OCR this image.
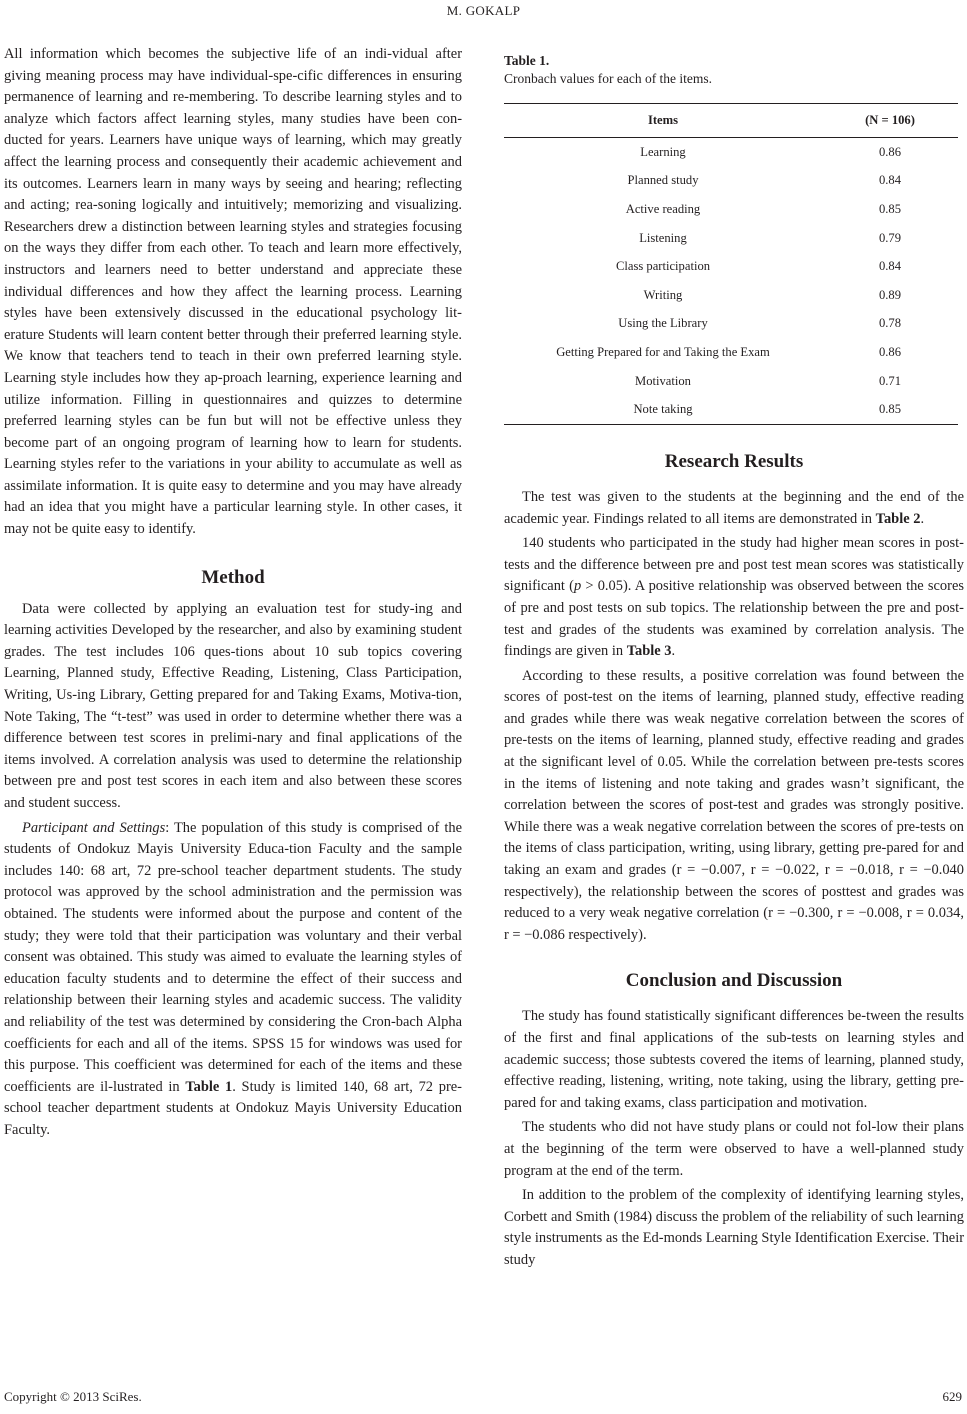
M. GOKALP

All information which becomes the subjective life of an indi-vidual after giving meaning process may have individual-spe-cific differences in ensuring permanence of learning and re-membering. To describe learning styles and to analyze which factors affect learning styles, many studies have been con-ducted for years. Learners have unique ways of learning, which may greatly affect the learning process and consequently their academic achievement and its outcomes. Learners learn in many ways by seeing and hearing; reflecting and acting; rea-soning logically and intuitively; memorizing and visualizing. Researchers drew a distinction between learning styles and strategies focusing on the ways they differ from each other. To teach and learn more effectively, instructors and learners need to better understand and appreciate these individual differences and how they affect the learning process. Learning styles have been extensively discussed in the educational psychology lit-erature Students will learn content better through their preferred learning style. We know that teachers tend to teach in their own preferred learning style. Learning style includes how they ap-proach learning, experience learning and utilize information. Filling in questionnaires and quizzes to determine preferred learning styles can be fun but will not be effective unless they become part of an ongoing program of learning how to learn for students. Learning styles refer to the variations in your ability to accumulate as well as assimilate information. It is quite easy to determine and you may have already had an idea that you might have a particular learning style. In other cases, it may not be quite easy to identify.

Method

Data were collected by applying an evaluation test for study-ing and learning activities Developed by the researcher, and also by examining student grades. The test includes 106 ques-tions about 10 sub topics covering Learning, Planned study, Effective Reading, Listening, Class Participation, Writing, Us-ing Library, Getting prepared for and Taking Exams, Motiva-tion, Note Taking, The “t-test” was used in order to determine whether there was a difference between test scores in prelimi-nary and final applications of the items involved. A correlation analysis was used to determine the relationship between pre and post test scores in each item and also between these scores and student success.

Participant and Settings: The population of this study is comprised of the students of Ondokuz Mayis University Educa-tion Faculty and the sample includes 140: 68 art, 72 pre-school teacher department students. The study protocol was approved by the school administration and the permission was obtained. The students were informed about the purpose and content of the study; they were told that their participation was voluntary and their verbal consent was obtained. This study was aimed to evaluate the learning styles of education faculty students and to determine the effect of their success and relationship between their learning styles and academic success. The validity and reliability of the test was determined by considering the Cron-bach Alpha coefficients for each and all of the items. SPSS 15 for windows was used for this purpose. This coefficient was determined for each of the items and these coefficients are il-lustrated in Table 1. Study is limited 140, 68 art, 72 pre-school teacher department students at Ondokuz Mayis University Education Faculty.

Table 1.
Cronbach values for each of the items.
Items	(N = 106)
Learning	0.86
Planned study	0.84
Active reading	0.85
Listening	0.79
Class participation	0.84
Writing	0.89
Using the Library	0.78
Getting Prepared for and Taking the Exam	0.86
Motivation	0.71
Note taking	0.85
Research Results

The test was given to the students at the beginning and the end of the academic year. Findings related to all items are demonstrated in Table 2.

140 students who participated in the study had higher mean scores in post-tests and the difference between pre and post test mean scores was statistically significant (p > 0.05). A positive relationship was observed between the scores of pre and post tests on sub topics. The relationship between the pre and post-test and grades of the students was examined by correlation analysis. The findings are given in Table 3.

According to these results, a positive correlation was found between the scores of post-test on the items of learning, planned study, effective reading and grades while there was weak negative correlation between the scores of pre-tests on the items of learning, planned study, effective reading and grades at the significant level of 0.05. While the correlation between pre-tests scores in the items of listening and note taking and grades wasn’t significant, the correlation between the scores of post-test and grades was strongly positive. While there was a weak negative correlation between the scores of pre-tests on the items of class participation, writing, using library, getting pre-pared for and taking an exam and grades (r = −0.007, r = −0.022, r = −0.018, r = −0.040 respectively), the relationship between the scores of posttest and grades was reduced to a very weak negative correlation (r = −0.300, r = −0.008, r = 0.034, r = −0.086 respectively).

Conclusion and Discussion

The study has found statistically significant differences be-tween the results of the first and final applications of the sub-tests on learning styles and academic success; those subtests covered the items of learning, planned study, effective reading, listening, writing, note taking, using the library, getting pre-pared for and taking exams, class participation and motivation.

The students who did not have study plans or could not fol-low their plans at the beginning of the term were observed to have a well-planned study program at the end of the term.

In addition to the problem of the complexity of identifying learning styles, Corbett and Smith (1984) discuss the problem of the reliability of such learning style instruments as the Ed-monds Learning Style Identification Exercise. Their study

Copyright © 2013 SciRes.	629
